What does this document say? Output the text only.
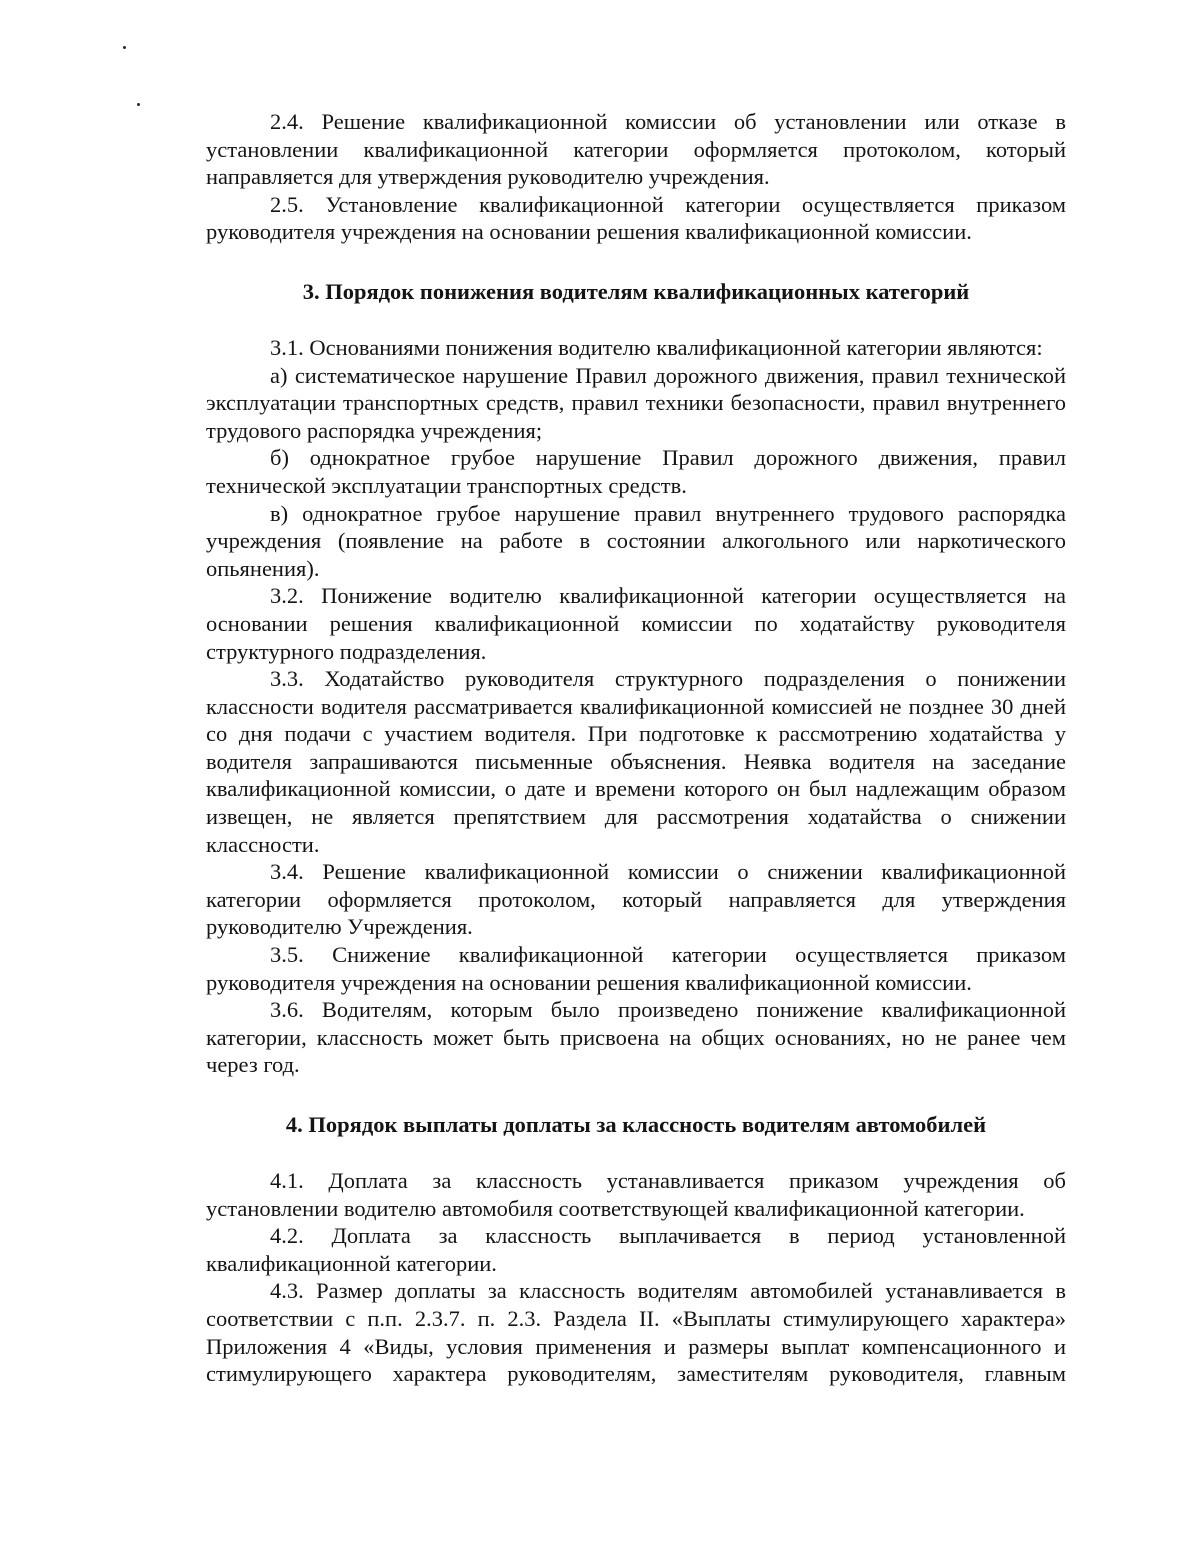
2.4. Решение квалификационной комиссии об установлении или отказе в установлении квалификационной категории оформляется протоколом, который направляется для утверждения руководителю учреждения.

2.5. Установление квалификационной категории осуществляется приказом руководителя учреждения на основании решения квалификационной комиссии.

3. Порядок понижения водителям квалификационных категорий

3.1. Основаниями понижения водителю квалификационной категории являются:

а) систематическое нарушение Правил дорожного движения, правил технической эксплуатации транспортных средств, правил техники безопасности, правил внутреннего трудового распорядка учреждения;

б) однократное грубое нарушение Правил дорожного движения, правил технической эксплуатации транспортных средств.

в) однократное грубое нарушение правил внутреннего трудового распорядка учреждения (появление на работе в состоянии алкогольного или наркотического опьянения).

3.2. Понижение водителю квалификационной категории осуществляется на основании решения квалификационной комиссии по ходатайству руководителя структурного подразделения.

3.3. Ходатайство руководителя структурного подразделения о понижении классности водителя рассматривается квалификационной комиссией не позднее 30 дней со дня подачи с участием водителя. При подготовке к рассмотрению ходатайства у водителя запрашиваются письменные объяснения. Неявка водителя на заседание квалификационной комиссии, о дате и времени которого он был надлежащим образом извещен, не является препятствием для рассмотрения ходатайства о снижении классности.

3.4. Решение квалификационной комиссии о снижении квалификационной категории оформляется протоколом, который направляется для утверждения руководителю Учреждения.

3.5. Снижение квалификационной категории осуществляется приказом руководителя учреждения на основании решения квалификационной комиссии.

3.6. Водителям, которым было произведено понижение квалификационной категории, классность может быть присвоена на общих основаниях, но не ранее чем через год.

4. Порядок выплаты доплаты за классность водителям автомобилей

4.1. Доплата за классность устанавливается приказом учреждения об установлении водителю автомобиля соответствующей квалификационной категории.

4.2. Доплата за классность выплачивается в период установленной квалификационной категории.

4.3. Размер доплаты за классность водителям автомобилей устанавливается в соответствии с п.п. 2.3.7. п. 2.3. Раздела II. «Выплаты стимулирующего характера» Приложения 4 «Виды, условия применения и размеры выплат компенсационного и стимулирующего характера руководителям, заместителям руководителя, главным
